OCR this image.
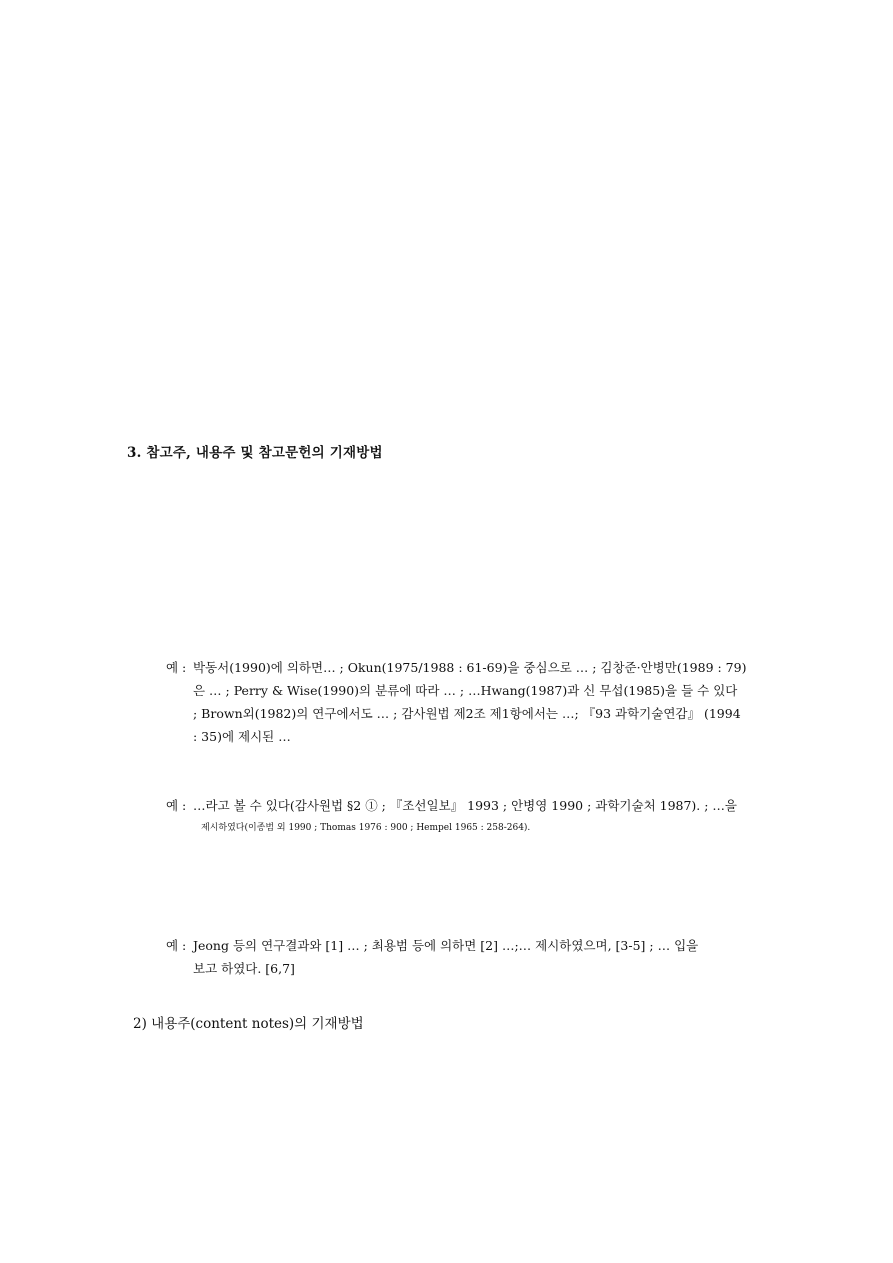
3. 참고주, 내용주 및 참고문헌의 기재방법
예 : 박동서(1990)에 의하면… ; Okun(1975/1988 : 61-69)을 중심으로 … ; 김창준·안병만(1989 : 79)
은 … ; Perry & Wise(1990)의 분류에 따라 … ; …Hwang(1987)과 신 무섭(1985)을 들 수 있다
; Brown외(1982)의 연구에서도 … ; 감사원법 제2조 제1항에서는 …; 『93 과학기술연감』 (1994
: 35)에 제시된 …
예 : …라고 볼 수 있다(감사원법 §2 ① ; 『조선일보』 1993 ; 안병영 1990 ; 과학기술처 1987). ; …을
제시하였다(이종범 외 1990 ; Thomas 1976 : 900 ; Hempel 1965 : 258-264).
예 : Jeong 등의 연구결과와 [1] … ; 최용범 등에 의하면 [2] …;… 제시하였으며, [3-5] ; … 입을
보고 하였다. [6,7]
2) 내용주(content notes)의 기재방법
